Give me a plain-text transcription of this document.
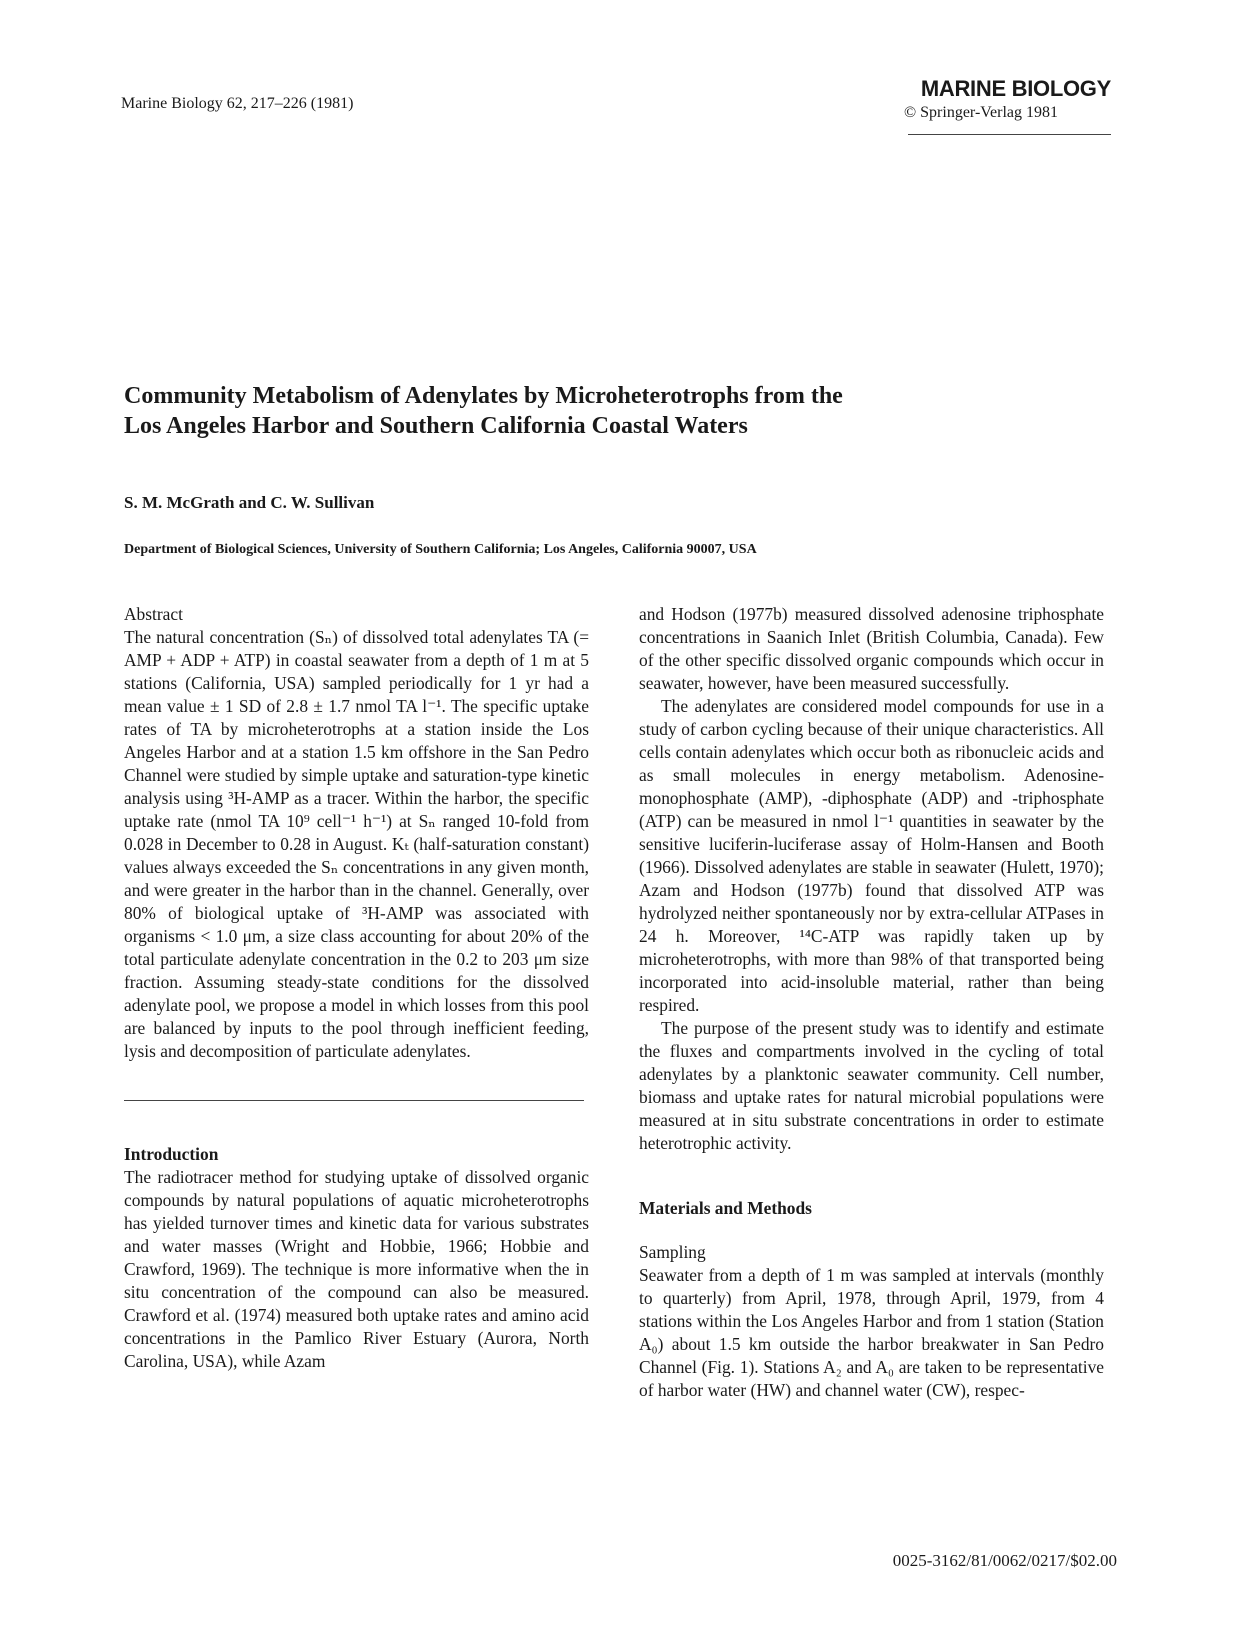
Marine Biology 62, 217–226 (1981)
MARINE BIOLOGY
© Springer-Verlag 1981
Community Metabolism of Adenylates by Microheterotrophs from the
Los Angeles Harbor and Southern California Coastal Waters
S. M. McGrath and C. W. Sullivan
Department of Biological Sciences, University of Southern California; Los Angeles, California 90007, USA
Abstract

The natural concentration (Sₙ) of dissolved total adenylates TA (= AMP + ADP + ATP) in coastal seawater from a depth of 1 m at 5 stations (California, USA) sampled periodically for 1 yr had a mean value ± 1 SD of 2.8 ± 1.7 nmol TA l⁻¹. The specific uptake rates of TA by microheterotrophs at a station inside the Los Angeles Harbor and at a station 1.5 km offshore in the San Pedro Channel were studied by simple uptake and saturation-type kinetic analysis using ³H-AMP as a tracer. Within the harbor, the specific uptake rate (nmol TA 10⁹ cell⁻¹ h⁻¹) at Sₙ ranged 10-fold from 0.028 in December to 0.28 in August. Kₜ (half-saturation constant) values always exceeded the Sₙ concentrations in any given month, and were greater in the harbor than in the channel. Generally, over 80% of biological uptake of ³H-AMP was associated with organisms < 1.0 μm, a size class accounting for about 20% of the total particulate adenylate concentration in the 0.2 to 203 μm size fraction. Assuming steady-state conditions for the dissolved adenylate pool, we propose a model in which losses from this pool are balanced by inputs to the pool through inefficient feeding, lysis and decomposition of particulate adenylates.

Introduction

The radiotracer method for studying uptake of dissolved organic compounds by natural populations of aquatic microheterotrophs has yielded turnover times and kinetic data for various substrates and water masses (Wright and Hobbie, 1966; Hobbie and Crawford, 1969). The technique is more informative when the in situ concentration of the compound can also be measured. Crawford et al. (1974) measured both uptake rates and amino acid concentrations in the Pamlico River Estuary (Aurora, North Carolina, USA), while Azam

and Hodson (1977b) measured dissolved adenosine triphosphate concentrations in Saanich Inlet (British Columbia, Canada). Few of the other specific dissolved organic compounds which occur in seawater, however, have been measured successfully.

The adenylates are considered model compounds for use in a study of carbon cycling because of their unique characteristics. All cells contain adenylates which occur both as ribonucleic acids and as small molecules in energy metabolism. Adenosine-monophosphate (AMP), -diphosphate (ADP) and -triphosphate (ATP) can be measured in nmol l⁻¹ quantities in seawater by the sensitive luciferin-luciferase assay of Holm-Hansen and Booth (1966). Dissolved adenylates are stable in seawater (Hulett, 1970); Azam and Hodson (1977b) found that dissolved ATP was hydrolyzed neither spontaneously nor by extra-cellular ATPases in 24 h. Moreover, ¹⁴C-ATP was rapidly taken up by microheterotrophs, with more than 98% of that transported being incorporated into acid-insoluble material, rather than being respired.

The purpose of the present study was to identify and estimate the fluxes and compartments involved in the cycling of total adenylates by a planktonic seawater community. Cell number, biomass and uptake rates for natural microbial populations were measured at in situ substrate concentrations in order to estimate heterotrophic activity.

Materials and Methods
Sampling

Seawater from a depth of 1 m was sampled at intervals (monthly to quarterly) from April, 1978, through April, 1979, from 4 stations within the Los Angeles Harbor and from 1 station (Station A₀) about 1.5 km outside the harbor breakwater in San Pedro Channel (Fig. 1). Stations A₂ and A₀ are taken to be representative of harbor water (HW) and channel water (CW), respec-

0025-3162/81/0062/0217/$02.00
